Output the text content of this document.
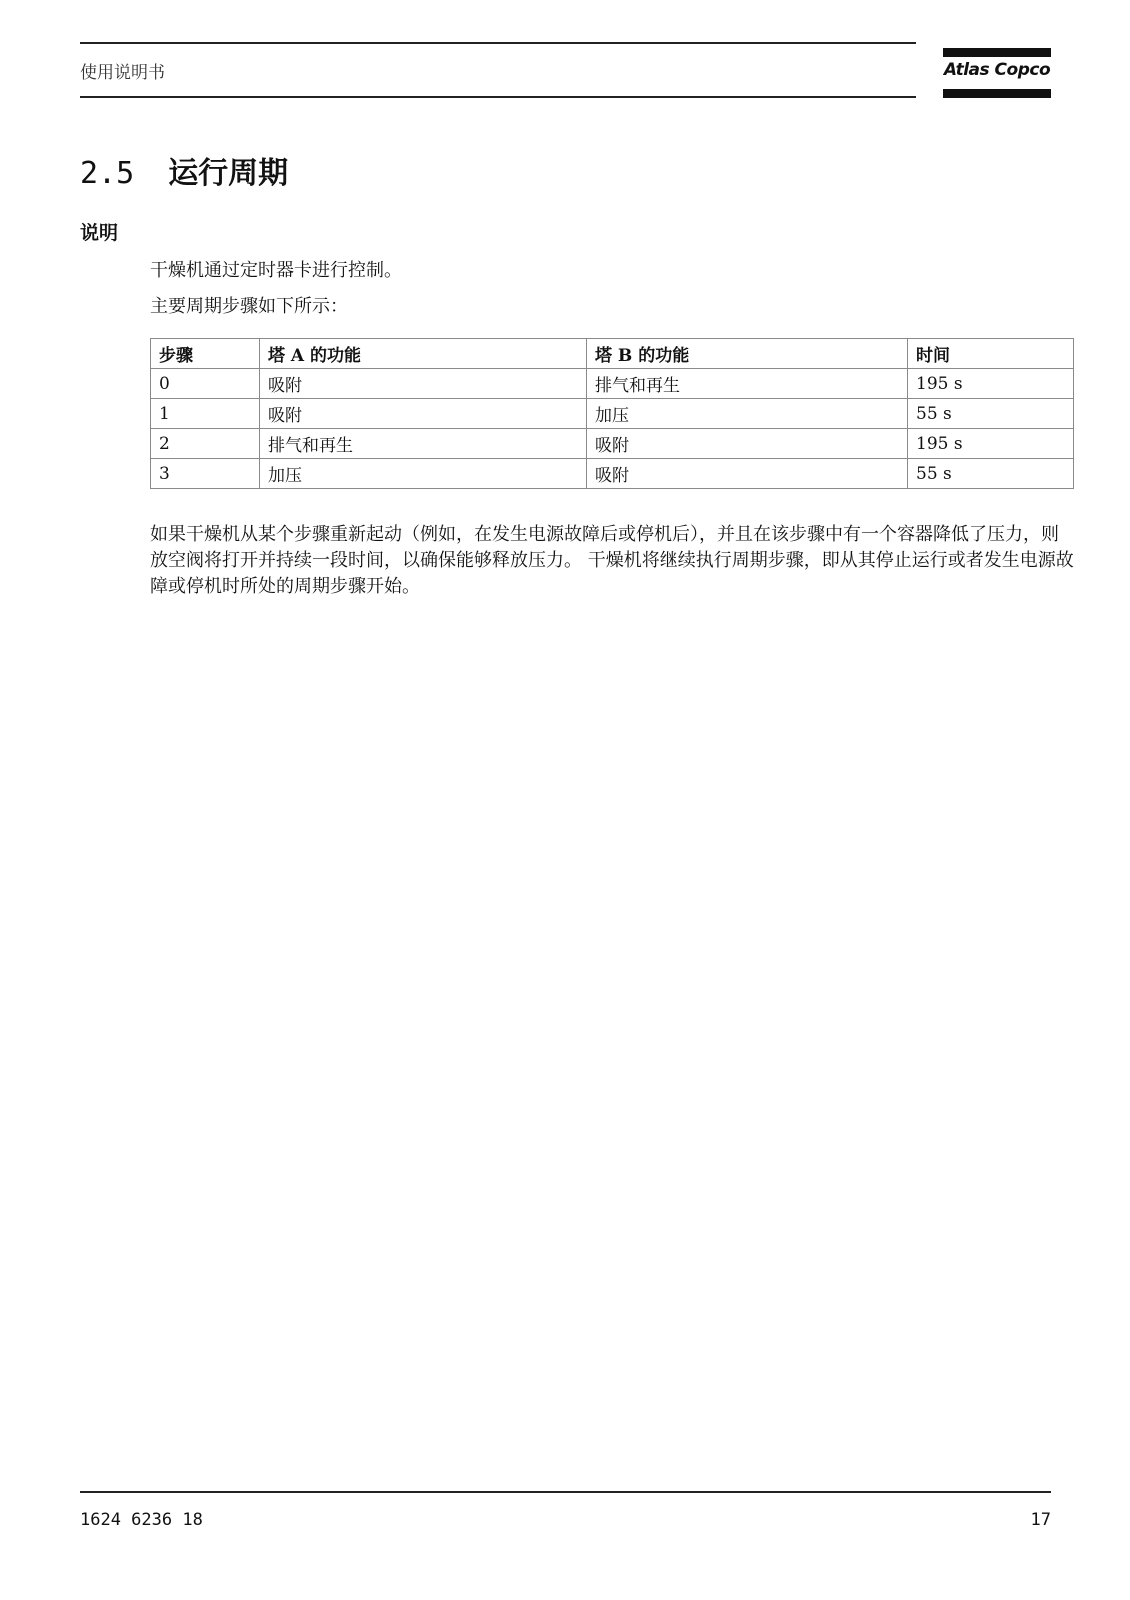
使用说明书	Atlas Copco
2.5 运行周期
说明
干燥机通过定时器卡进行控制。
主要周期步骤如下所示：
步骤	塔 A 的功能	塔 B 的功能	时间
0	吸附	排气和再生	195 s
1	吸附	加压	55 s
2	排气和再生	吸附	195 s
3	加压	吸附	55 s

如果干燥机从某个步骤重新起动（例如，在发生电源故障后或停机后），并且在该步骤中有一个容器降低了压力，则放空阀将打开并持续一段时间，以确保能够释放压力。 干燥机将继续执行周期步骤，即从其停止运行或者发生电源故障或停机时所处的周期步骤开始。

1624 6236 18	17
